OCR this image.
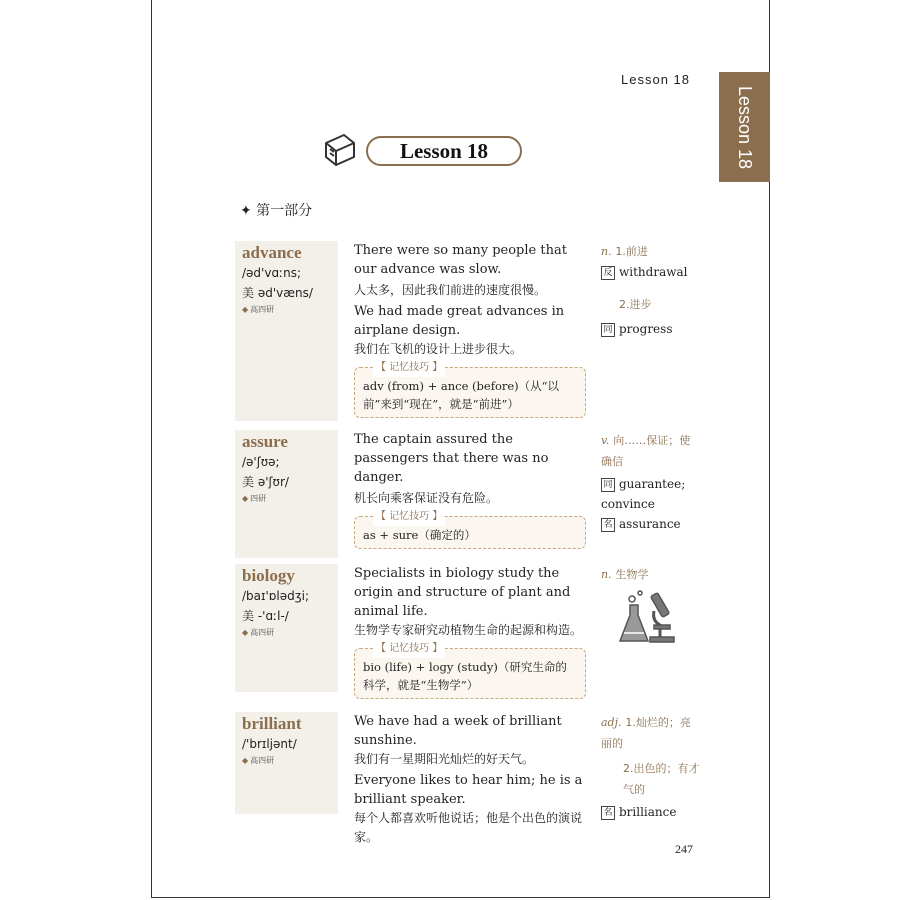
Lesson 18
Lesson 18
Lesson 18
✦ 第一部分
advance
/əd'vɑːns;
美 əd'væns/
◆ 高四研

There were so many people that our advance was slow.

人太多，因此我们前进的速度很慢。

We had made great advances in airplane design.

我们在飞机的设计上进步很大。

【 记忆技巧 】
adv (from) + ance (before)（从“以前”来到“现在”，就是“前进”）
n. 1.前进
反 withdrawal
2.进步
同 progress
assure
/ə'ʃʊə;
美 ə'ʃʊr/
◆ 四研

The captain assured the passengers that there was no danger.

机长向乘客保证没有危险。

【 记忆技巧 】
as + sure（确定的）
v. 向……保证；使确信
同 guarantee; convince
名 assurance
biology
/baɪ'ɒlədʒi;
美 -'ɑːl-/
◆ 高四研

Specialists in biology study the origin and structure of plant and animal life.

生物学专家研究动植物生命的起源和构造。

【 记忆技巧 】
bio (life) + logy (study)（研究生命的科学，就是“生物学”）
n. 生物学
brilliant
/'brɪljənt/
◆ 高四研

We have had a week of brilliant sunshine.

我们有一星期阳光灿烂的好天气。

Everyone likes to hear him; he is a brilliant speaker.

每个人都喜欢听他说话；他是个出色的演说家。

adj. 1.灿烂的；亮丽的
2.出色的；有才气的
名 brilliance
247
